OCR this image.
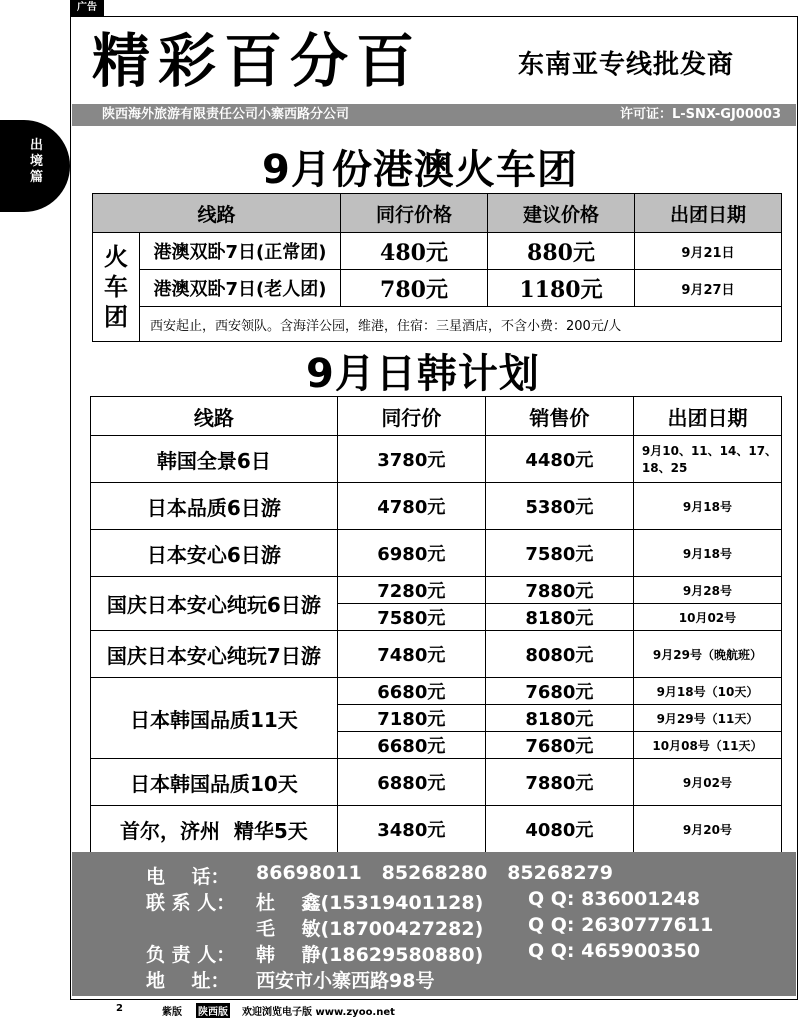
广告
出境篇
精彩百分百	东南亚专线批发商
陕西海外旅游有限责任公司小寨西路分公司	许可证：L-SNX-GJ00003
9月份港澳火车团
线路		同行价格	建议价格	出团日期
火车团	港澳双卧7日(正常团)	480元	880元	9月21日
	港澳双卧7日(老人团)	780元	1180元	9月27日
	西安起止，西安领队。含海洋公园，维港，住宿：三星酒店，不含小费：200元/人			
9月日韩计划
线路	同行价	销售价	出团日期
韩国全景6日	3780元	4480元	9月10、11、14、17、18、25
日本品质6日游	4780元	5380元	9月18号
日本安心6日游	6980元	7580元	9月18号
国庆日本安心纯玩6日游	7280元	7880元	9月28号
	7580元	8180元	10月02号
国庆日本安心纯玩7日游	7480元	8080元	9月29号（晚航班）
日本韩国品质11天	6680元	7680元	9月18号（10天）
	7180元	8180元	9月29号（11天）
	6680元	7680元	10月08号（11天）
日本韩国品质10天	6880元	7880元	9月02号
首尔，济州  精华5天	3480元	4080元	9月20号
电    话： 86698011   85268280   85268279
联 系 人： 杜    鑫(15319401128) Q Q: 836001248
毛    敏(18700427282) Q Q: 2630777611
负 责 人： 韩    静(18629580880) Q Q: 465900350
地    址： 西安市小寨西路98号
2	紫版 陕西版 欢迎浏览电子版 www.zyoo.net
